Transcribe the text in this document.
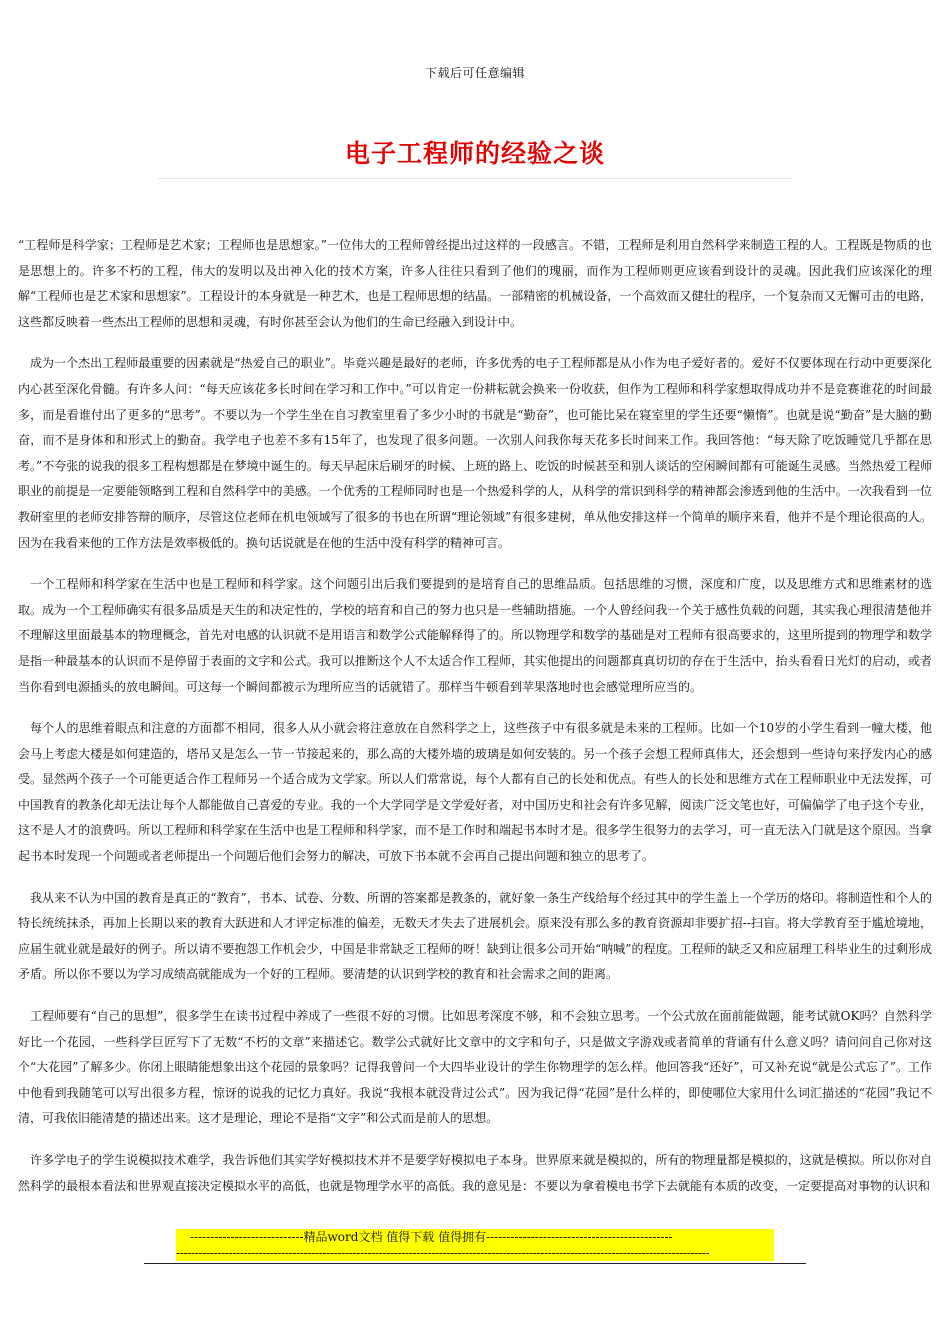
下载后可任意编辑
电子工程师的经验之谈

“工程师是科学家；工程师是艺术家；工程师也是思想家。”一位伟大的工程师曾经提出过这样的一段感言。不错，工程师是利用自然科学来制造工程的人。工程既是物质的也是思想上的。许多不朽的工程，伟大的发明以及出神入化的技术方案，许多人往往只看到了他们的瑰丽，而作为工程师则更应该看到设计的灵魂。因此我们应该深化的理解“工程师也是艺术家和思想家”。工程设计的本身就是一种艺术，也是工程师思想的结晶。一部精密的机械设备，一个高效而又健壮的程序，一个复杂而又无懈可击的电路，这些都反映着一些杰出工程师的思想和灵魂，有时你甚至会认为他们的生命已经融入到设计中。

成为一个杰出工程师最重要的因素就是“热爱自己的职业”。毕竟兴趣是最好的老师，许多优秀的电子工程师都是从小作为电子爱好者的。爱好不仅要体现在行动中更要深化内心甚至深化骨髓。有许多人问：“每天应该花多长时间在学习和工作中。”可以肯定一份耕耘就会换来一份收获，但作为工程师和科学家想取得成功并不是竞赛谁花的时间最多，而是看谁付出了更多的“思考”。不要以为一个学生坐在自习教室里看了多少小时的书就是“勤奋”，也可能比呆在寝室里的学生还要“懒惰”。也就是说“勤奋”是大脑的勤奋，而不是身体和和形式上的勤奋。我学电子也差不多有15年了，也发现了很多问题。一次别人问我你每天花多长时间来工作。我回答他：“每天除了吃饭睡觉几乎都在思考。”不夸张的说我的很多工程构想都是在梦境中诞生的。每天早起床后刷牙的时候、上班的路上、吃饭的时候甚至和别人谈话的空闲瞬间都有可能诞生灵感。当然热爱工程师职业的前提是一定要能领略到工程和自然科学中的美感。一个优秀的工程师同时也是一个热爱科学的人，从科学的常识到科学的精神都会渗透到他的生活中。一次我看到一位教研室里的老师安排答辩的顺序，尽管这位老师在机电领域写了很多的书也在所谓“理论领域”有很多建树，单从他安排这样一个简单的顺序来看，他并不是个理论很高的人。因为在我看来他的工作方法是效率极低的。换句话说就是在他的生活中没有科学的精神可言。

一个工程师和科学家在生活中也是工程师和科学家。这个问题引出后我们要提到的是培育自己的思维品质。包括思维的习惯，深度和广度，以及思维方式和思维素材的选取。成为一个工程师确实有很多品质是天生的和决定性的，学校的培育和自己的努力也只是一些辅助措施。一个人曾经问我一个关于感性负载的问题，其实我心理很清楚他并不理解这里面最基本的物理概念，首先对电感的认识就不是用语言和数学公式能解释得了的。所以物理学和数学的基础是对工程师有很高要求的，这里所提到的物理学和数学是指一种最基本的认识而不是停留于表面的文字和公式。我可以推断这个人不太适合作工程师，其实他提出的问题都真真切切的存在于生活中，抬头看看日光灯的启动，或者当你看到电源插头的放电瞬间。可这每一个瞬间都被示为理所应当的话就错了。那样当牛顿看到苹果落地时也会感觉理所应当的。

每个人的思维着眼点和注意的方面都不相同，很多人从小就会将注意放在自然科学之上，这些孩子中有很多就是未来的工程师。比如一个10岁的小学生看到一幢大楼，他会马上考虑大楼是如何建造的，塔吊又是怎么一节一节接起来的，那么高的大楼外墙的玻璃是如何安装的。另一个孩子会想工程师真伟大，还会想到一些诗句来抒发内心的感受。显然两个孩子一个可能更适合作工程师另一个适合成为文学家。所以人们常常说，每个人都有自己的长处和优点。有些人的长处和思维方式在工程师职业中无法发挥，可中国教育的教条化却无法让每个人都能做自己喜爱的专业。我的一个大学同学是文学爱好者，对中国历史和社会有许多见解，阅读广泛文笔也好，可偏偏学了电子这个专业，这不是人才的浪费吗。所以工程师和科学家在生活中也是工程师和科学家，而不是工作时和端起书本时才是。很多学生很努力的去学习，可一直无法入门就是这个原因。当拿起书本时发现一个问题或者老师提出一个问题后他们会努力的解决，可放下书本就不会再自己提出问题和独立的思考了。

我从来不认为中国的教育是真正的“教育”，书本、试卷、分数、所谓的答案都是教条的，就好象一条生产线给每个经过其中的学生盖上一个学历的烙印。将制造性和个人的特长统统抹杀，再加上长期以来的教育大跃进和人才评定标准的偏差，无数天才失去了进展机会。原来没有那么多的教育资源却非要扩招--扫盲。将大学教育至于尴尬境地，应届生就业就是最好的例子。所以请不要抱怨工作机会少，中国是非常缺乏工程师的呀！缺到让很多公司开始“呐喊”的程度。工程师的缺乏又和应届理工科毕业生的过剩形成矛盾。所以你不要以为学习成绩高就能成为一个好的工程师。要清楚的认识到学校的教育和社会需求之间的距离。

工程师要有“自己的思想”，很多学生在读书过程中养成了一些很不好的习惯。比如思考深度不够，和不会独立思考。一个公式放在面前能做题，能考试就OK吗？自然科学好比一个花园，一些科学巨匠写下了无数“不朽的文章”来描述它。数学公式就好比文章中的文字和句子，只是做文字游戏或者简单的背诵有什么意义吗？请问问自己你对这个“大花园”了解多少。你闭上眼睛能想象出这个花园的景象吗？记得我曾问一个大四毕业设计的学生你物理学的怎么样。他回答我“还好”，可又补充说“就是公式忘了”。工作中他看到我随笔可以写出很多方程，惊讶的说我的记忆力真好。我说“我根本就没背过公式”。因为我记得“花园”是什么样的，即使哪位大家用什么词汇描述的“花园”我记不清，可我依旧能清楚的描述出来。这才是理论，理论不是指“文字”和公式而是前人的思想。

许多学电子的学生说模拟技术难学，我告诉他们其实学好模拟技术并不是要学好模拟电子本身。世界原来就是模拟的，所有的物理量都是模拟的，这就是模拟。所以你对自然科学的最根本看法和世界观直接决定模拟水平的高低，也就是物理学水平的高低。我的意见是：不要以为拿着模电书学下去就能有本质的改变，一定要提高对事物的认识和

----------------------------精品word文档 值得下载 值得拥有----------------------------------------------
----------------------------------------------------------------------------------------------------------------------------------------------
